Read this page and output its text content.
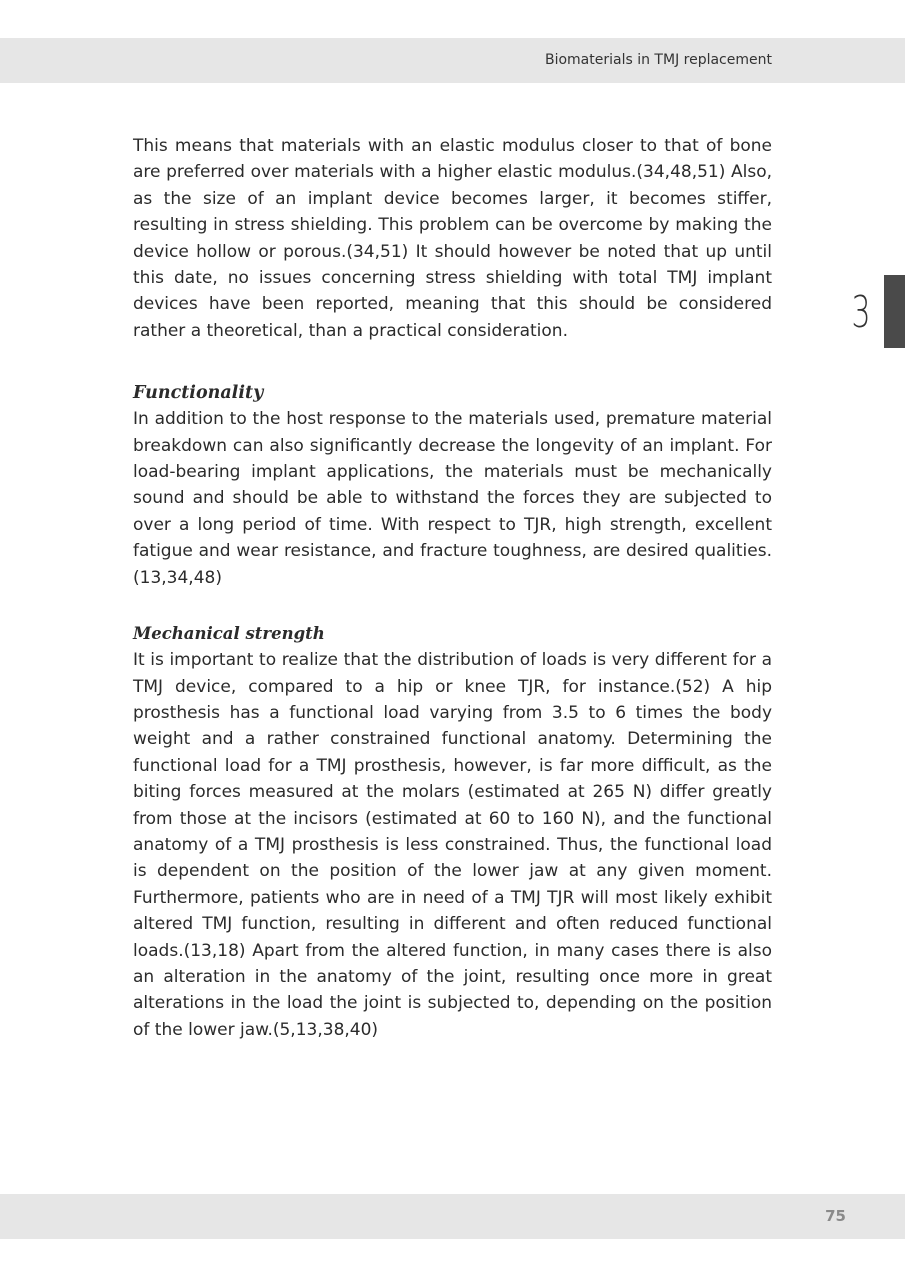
Biomaterials in TMJ replacement
3

This means that materials with an elastic modulus closer to that of bone are preferred over materials with a higher elastic modulus.(34,48,51) Also, as the size of an implant device becomes larger, it becomes stiffer, resulting in stress shielding. This problem can be overcome by making the device hollow or porous.(34,51) It should however be noted that up until this date, no issues concerning stress shielding with total TMJ implant devices have been reported, meaning that this should be considered rather a theoretical, than a practical consideration.

Functionality

In addition to the host response to the materials used, premature material breakdown can also significantly decrease the longevity of an implant. For load-bearing implant applications, the materials must be mechanically sound and should be able to withstand the forces they are subjected to over a long period of time. With respect to TJR, high strength, excellent fatigue and wear resistance, and fracture toughness, are desired qualities.(13,34,48)

Mechanical strength

It is important to realize that the distribution of loads is very different for a TMJ device, compared to a hip or knee TJR, for instance.(52) A hip prosthesis has a functional load varying from 3.5 to 6 times the body weight and a rather constrained functional anatomy. Determining the functional load for a TMJ prosthesis, however, is far more difficult, as the biting forces measured at the molars (estimated at 265 N) differ greatly from those at the incisors (estimated at 60 to 160 N), and the functional anatomy of a TMJ prosthesis is less constrained. Thus, the functional load is dependent on the position of the lower jaw at any given moment. Furthermore, patients who are in need of a TMJ TJR will most likely exhibit altered TMJ function, resulting in different and often reduced functional loads.(13,18) Apart from the altered function, in many cases there is also an alteration in the anatomy of the joint, resulting once more in great alterations in the load the joint is subjected to, depending on the position of the lower jaw.(5,13,38,40)

75
